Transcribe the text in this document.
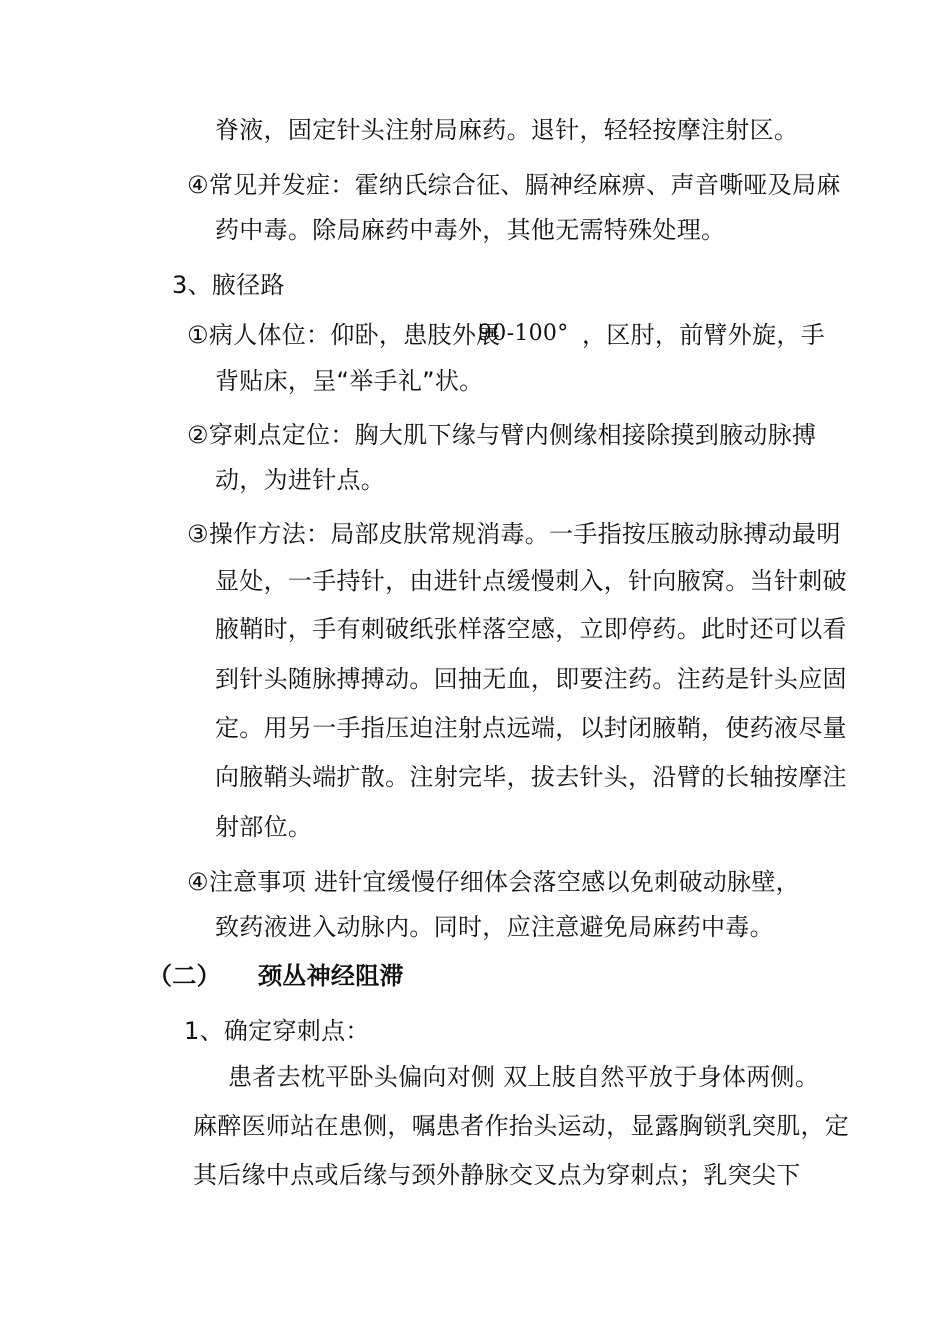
脊液，固定针头注射局麻药。退针，轻轻按摩注射区。
④常见并发症：霍纳氏综合征、膈神经麻痹、声音嘶哑及局麻
药中毒。除局麻药中毒外，其他无需特殊处理。
3、腋径路
①病人体位：仰卧，患肢外展
90-100° ，区肘，前臂外旋，手
背贴床，呈“举手礼”状。
②穿刺点定位：胸大肌下缘与臂内侧缘相接除摸到腋动脉搏
动，为进针点。
③操作方法：局部皮肤常规消毒。一手指按压腋动脉搏动最明
显处，一手持针，由进针点缓慢刺入，针向腋窝。当针刺破
腋鞘时，手有刺破纸张样落空感，立即停药。此时还可以看
到针头随脉搏搏动。回抽无血，即要注药。注药是针头应固
定。用另一手指压迫注射点远端，以封闭腋鞘，使药液尽量
向腋鞘头端扩散。注射完毕，拔去针头，沿臂的长轴按摩注
射部位。
④注意事项 进针宜缓慢仔细体会落空感以免刺破动脉壁，
致药液进入动脉内。同时，应注意避免局麻药中毒。
（二） 颈丛神经阻滞
1、确定穿刺点：
患者去枕平卧头偏向对侧 双上肢自然平放于身体两侧。
麻醉医师站在患侧，嘱患者作抬头运动，显露胸锁乳突肌，定
其后缘中点或后缘与颈外静脉交叉点为穿刺点；乳突尖下
